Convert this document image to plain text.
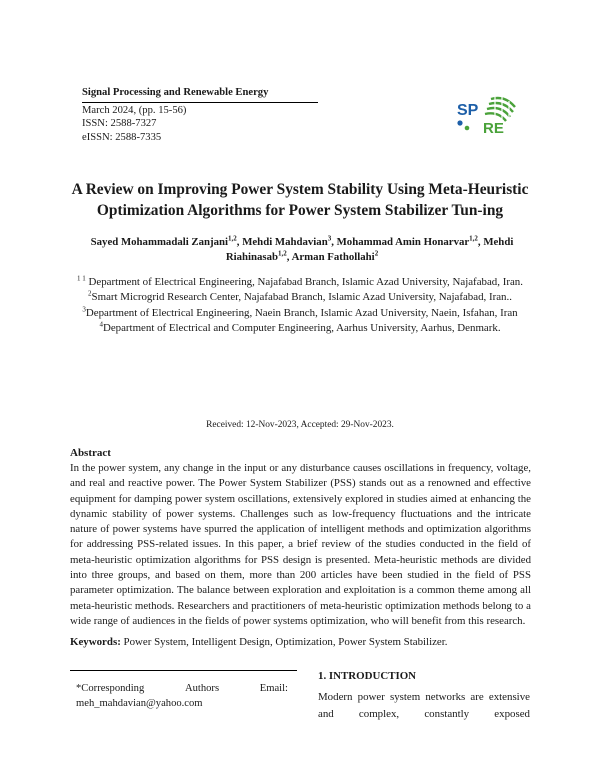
Signal Processing and Renewable Energy
March 2024, (pp. 15-56)
ISSN: 2588-7327
eISSN: 2588-7335
SP
RE
A Review on Improving Power System Stability Using Meta-Heuristic Optimization Algorithms for Power System Stabilizer Tun-ing
Sayed Mohammadali Zanjani$^{1,2}$, Mehdi Mahdavian$^3$, Mohammad Amin Honarvar$^{1,2}$, Mehdi Riahinasab$^{1,2}$, Arman Fathollahi$^2$

$^{1 1}$ Department of Electrical Engineering, Najafabad Branch, Islamic Azad University, Najafabad, Iran.

$^2$Smart Microgrid Research Center, Najafabad Branch, Islamic Azad University, Najafabad, Iran..

$^3$Department of Electrical Engineering, Naein Branch, Islamic Azad University, Naein, Isfahan, Iran

$^4$Department of Electrical and Computer Engineering, Aarhus University, Aarhus, Denmark.

Received: 12-Nov-2023, Accepted: 29-Nov-2023.
Abstract
In the power system, any change in the input or any disturbance causes oscillations in frequency, voltage, and real and reactive power. The Power System Stabilizer (PSS) stands out as a renowned and effective equipment for damping power system oscillations, extensively explored in studies aimed at enhancing the dynamic stability of power systems. Challenges such as low-frequency fluctuations and the intricate nature of power systems have spurred the application of intelligent methods and optimization algorithms for addressing PSS-related issues. In this paper, a brief review of the studies conducted in the field of meta-heuristic optimization algorithms for PSS design is presented. Meta-heuristic methods are divided into three groups, and based on them, more than 200 articles have been studied in the field of PSS parameter optimization. The balance between exploration and exploitation is a common theme among all meta-heuristic methods. Researchers and practitioners of meta-heuristic optimization methods belong to a wide range of audiences in the fields of power systems optimization, who will benefit from this research.
Keywords: Power System, Intelligent Design, Optimization, Power System Stabilizer.
*Corresponding	Authors	Email:
meh_mahdavian@yahoo.com
1. INTRODUCTION
Modern power system networks are extensive and complex, constantly exposed
